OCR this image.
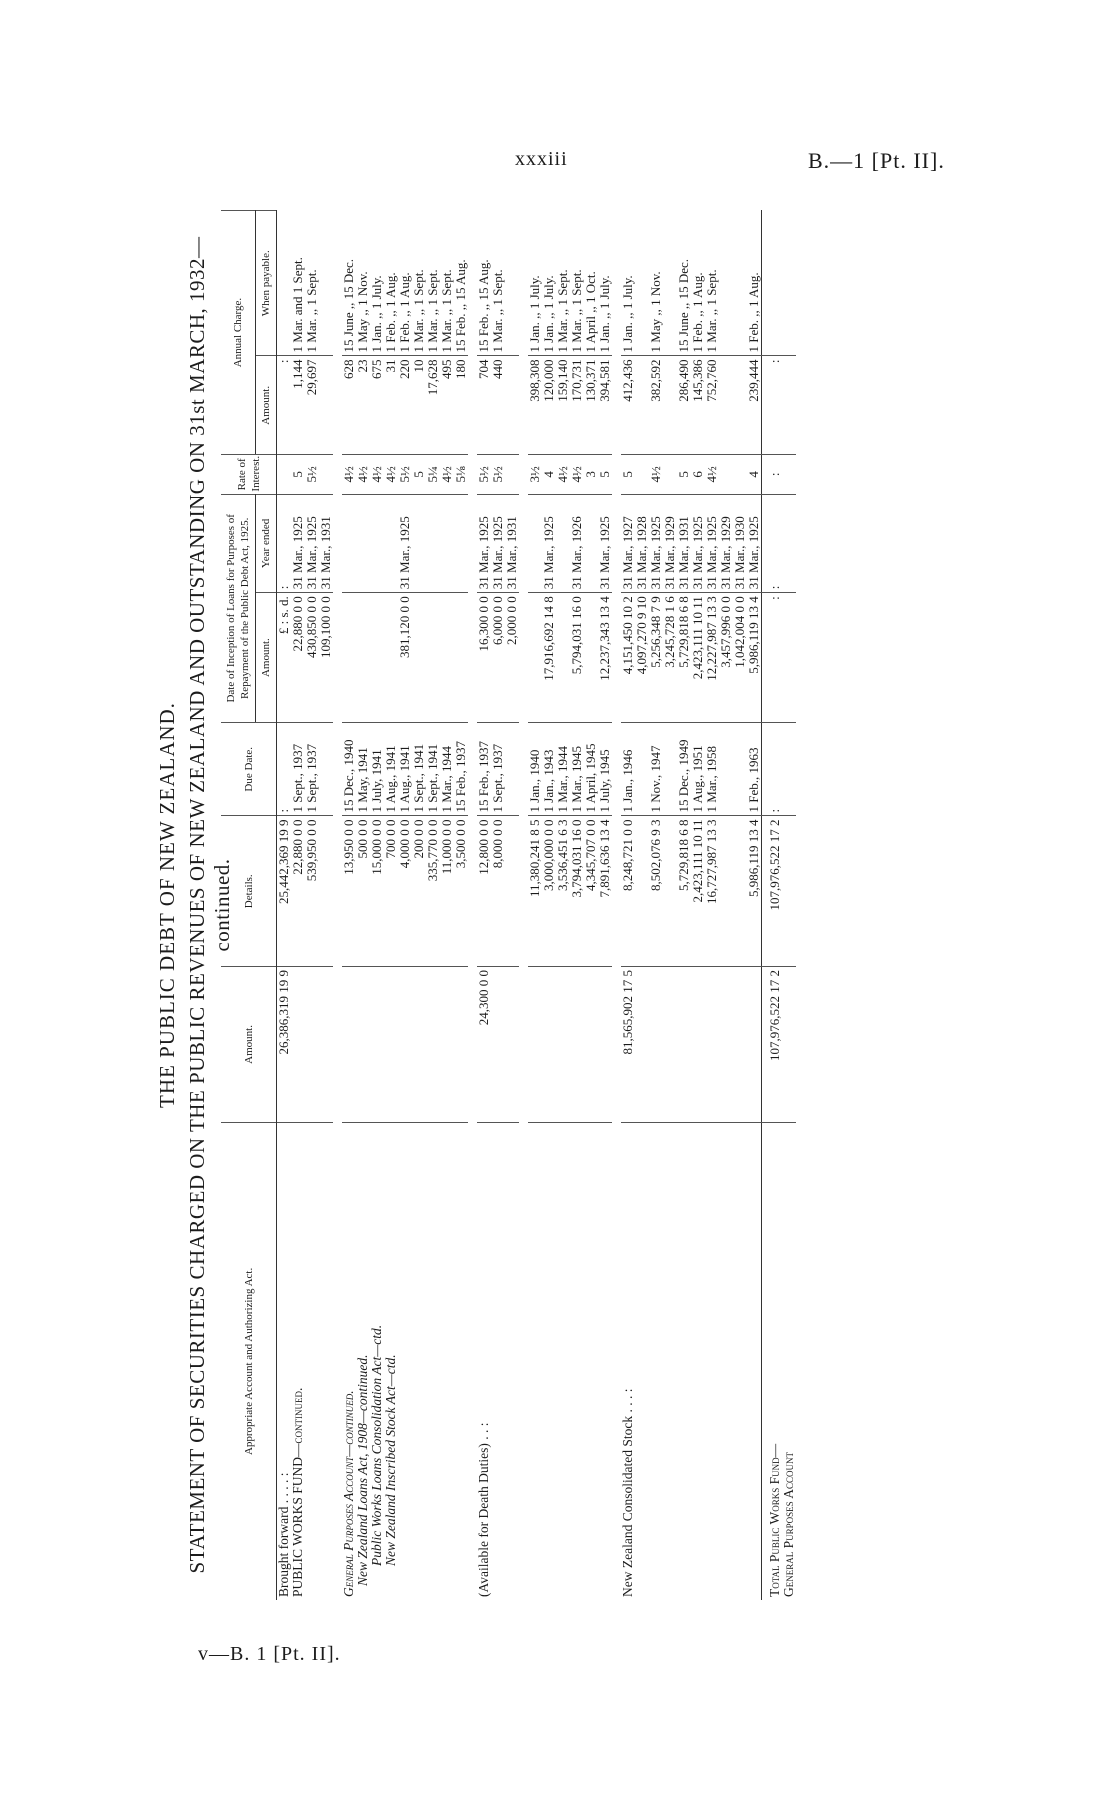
xxxiii	B.—1 [Pt. II].
v—B. 1 [Pt. II].
THE PUBLIC DEBT OF NEW ZEALAND. STATEMENT OF SECURITIES CHARGED ON THE PUBLIC REVENUES OF NEW ZEALAND AND OUTSTANDING ON 31st MARCH, 1932—continued.
Appropriate Account and Authorizing Act.	Amount.	Details.	Due Date.	Date of Inception of Loans for Purposes of Repayment of the Public Debt Act, 1925.		Rate of Interest.	Annual Charge.	
				Amount.	Year ended		Amount.	When payable.
Brought forward . . . . :	26,386,319 19 9	25,442,369 19 9	:	£ : s. d.	:		:	
PUBLIC WORKS FUND—continued.		22,880 0 0	1 Sept., 1937	22,880 0 0	31 Mar., 1925	5	1,144	1 Mar. and 1 Sept.
		539,950 0 0	1 Sept., 1937	430,850 0 0	31 Mar., 1925	5½	29,697	1 Mar. ,, 1 Sept.
				109,100 0 0	31 Mar., 1931			

General Purposes Account—continued.		13,950 0 0	15 Dec., 1940			4½	628	15 June ,, 15 Dec.
New Zealand Loans Act, 1908—continued.		500 0 0	1 May, 1941			4½	23	1 May ,, 1 Nov.
Public Works Loans Consolidation Act—ctd.		15,000 0 0	1 July, 1941			4½	675	1 Jan. ,, 1 July.
New Zealand Inscribed Stock Act—ctd.		700 0 0	1 Aug., 1941			4½	31	1 Feb. ,, 1 Aug.
		4,000 0 0	1 Aug., 1941	381,120 0 0	31 Mar., 1925	5½	220	1 Feb. ,, 1 Aug.
		200 0 0	1 Sept., 1941			5	10	1 Mar. ,, 1 Sept.
		335,770 0 0	1 Sept., 1941			5¼	17,628	1 Mar. ,, 1 Sept.
		11,000 0 0	1 Mar., 1944			4½	495	1 Mar. ,, 1 Sept.
		3,500 0 0	15 Feb., 1937			5⅛	180	15 Feb. ,, 15 Aug.

(Available for Death Duties) . . :	24,300 0 0	12,800 0 0	15 Feb., 1937	16,300 0 0	31 Mar., 1925	5½	704	15 Feb. ,, 15 Aug.
		8,000 0 0	1 Sept., 1937	6,000 0 0	31 Mar., 1925	5½	440	1 Mar. ,, 1 Sept.
				2,000 0 0	31 Mar., 1931			

		11,380,241 8 5	1 Jan., 1940			3½	398,308	1 Jan. ,, 1 July.
		3,000,000 0 0	1 Jan., 1943	17,916,692 14 8	31 Mar., 1925	4	120,000	1 Jan. ,, 1 July.
		3,536,451 6 3	1 Mar., 1944			4½	159,140	1 Mar. ,, 1 Sept.
		3,794,031 16 0	1 Mar., 1945	5,794,031 16 0	31 Mar., 1926	4½	170,731	1 Mar. ,, 1 Sept.
		4,345,707 0 0	1 April, 1945			3	130,371	1 April ,, 1 Oct.
		7,891,636 13 4	1 July, 1945	12,237,343 13 4	31 Mar., 1925	5	394,581	1 Jan. ,, 1 July.

New Zealand Consolidated Stock . . . :	81,565,902 17 5	8,248,721 0 0	1 Jan., 1946	4,151,450 10 2	31 Mar., 1927	5	412,436	1 Jan. ,, 1 July.
				4,097,270 9 10	31 Mar., 1928			
		8,502,076 9 3	1 Nov., 1947	5,256,348 7 9	31 Mar., 1925	4½	382,592	1 May ,, 1 Nov.
				3,245,728 1 6	31 Mar., 1929			
		5,729,818 6 8	15 Dec., 1949	5,729,818 6 8	31 Mar., 1931	5	286,490	15 June ,, 15 Dec.
		2,423,111 10 11	1 Aug., 1951	2,423,111 10 11	31 Mar., 1925	6	145,386	1 Feb. ,, 1 Aug.
		16,727,987 13 3	1 Mar., 1958	12,227,987 13 3	31 Mar., 1925	4½	752,760	1 Mar. ,, 1 Sept.
				3,457,996 0 0	31 Mar., 1929			
				1,042,004 0 0	31 Mar., 1930			
		5,986,119 13 4	1 Feb., 1963	5,986,119 13 4	31 Mar., 1925	4	239,444	1 Feb. ,, 1 Aug.

Total Public Works Fund— General Purposes Account	107,976,522 17 2	107,976,522 17 2	:	:	:	:	:	
